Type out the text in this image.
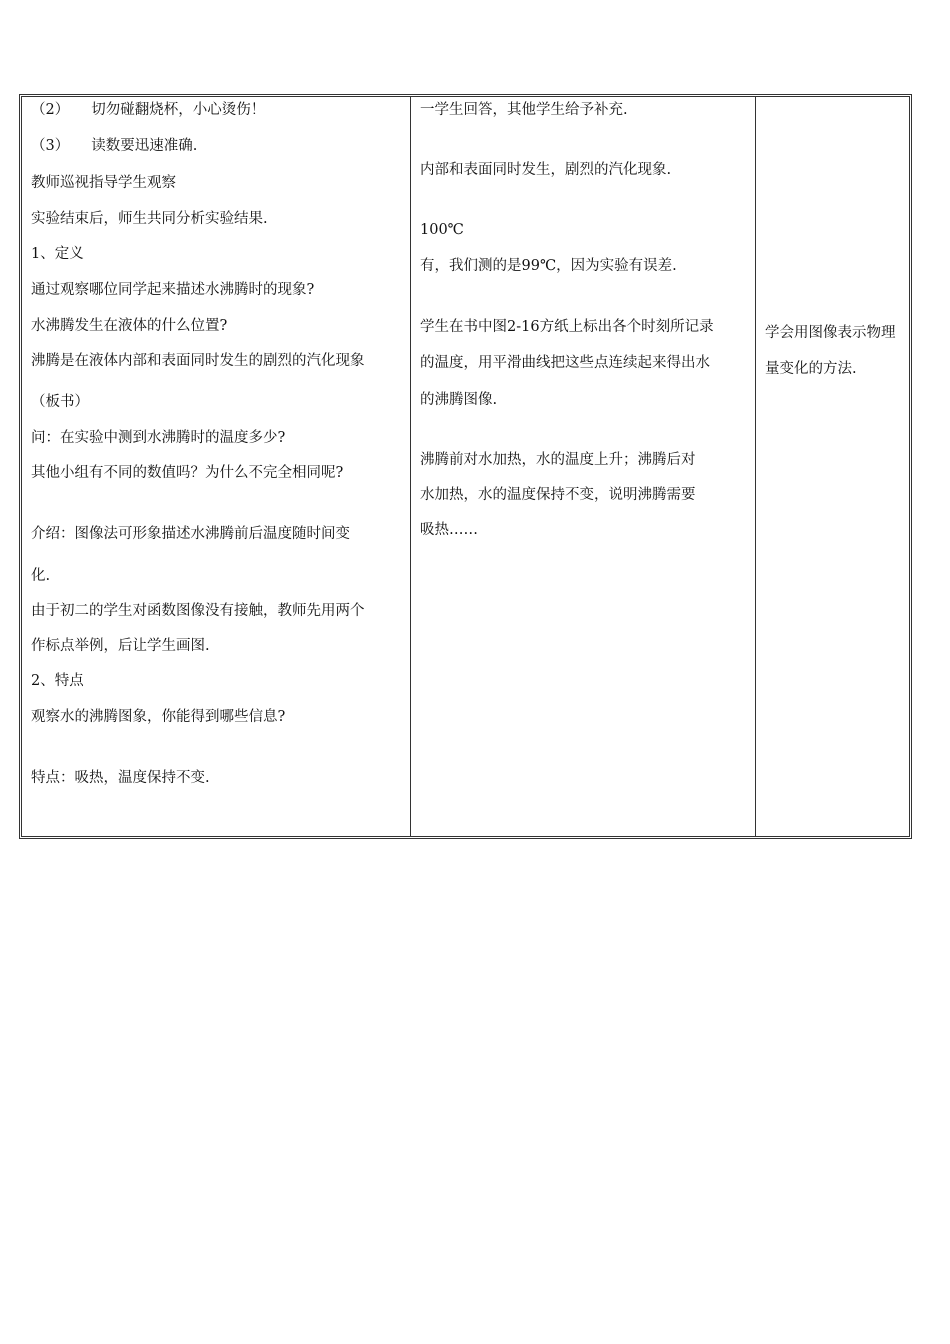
（2） 切勿碰翻烧杯，小心烫伤！
（3） 读数要迅速准确.
教师巡视指导学生观察
实验结束后，师生共同分析实验结果.
1、定义
通过观察哪位同学起来描述水沸腾时的现象?
水沸腾发生在液体的什么位置?
沸腾是在液体内部和表面同时发生的剧烈的汽化现象
（板书）
问：在实验中测到水沸腾时的温度多少?
其他小组有不同的数值吗？为什么不完全相同呢?
介绍：图像法可形象描述水沸腾前后温度随时间变
化.
由于初二的学生对函数图像没有接触，教师先用两个
作标点举例，后让学生画图.
2、特点
观察水的沸腾图象，你能得到哪些信息?
特点：吸热，温度保持不变.
一学生回答，其他学生给予补充.
内部和表面同时发生，剧烈的汽化现象.
100℃
有，我们测的是99℃，因为实验有误差.
学生在书中图2-16方纸上标出各个时刻所记录
的温度，用平滑曲线把这些点连续起来得出水
的沸腾图像.
沸腾前对水加热，水的温度上升；沸腾后对
水加热，水的温度保持不变，说明沸腾需要
吸热……
学会用图像表示物理
量变化的方法.
